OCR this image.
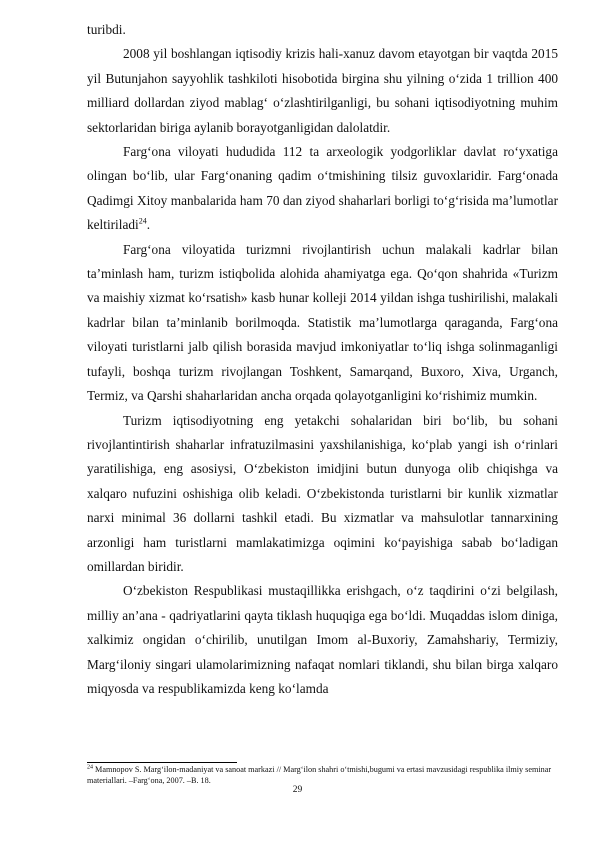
turibdi.

2008 yil boshlangan iqtisodiy krizis hali-xanuz davom etayotgan bir vaqtda 2015 yil Butunjahon sayyohlik tashkiloti hisobotida birgina shu yilning o‘zida 1 trillion 400 milliard dollardan ziyod mablag‘ o‘zlashtirilganligi, bu sohani iqtisodiyotning muhim sektorlaridan biriga aylanib borayotganligidan dalolatdir.

Farg‘ona viloyati hududida 112 ta arxeologik yodgorliklar davlat ro‘yxatiga olingan bo‘lib, ular Farg‘onaning qadim o‘tmishining tilsiz guvoxlaridir. Farg‘onada Qadimgi Xitoy manbalarida ham 70 dan ziyod shaharlari borligi to‘g‘risida ma’lumotlar keltiriladi$^{24}$.

Farg‘ona viloyatida turizmni rivojlantirish uchun malakali kadrlar bilan ta’minlash ham, turizm istiqbolida alohida ahamiyatga ega. Qo‘qon shahrida «Turizm va maishiy xizmat ko‘rsatish» kasb hunar kolleji 2014 yildan ishga tushirilishi, malakali kadrlar bilan ta’minlanib borilmoqda. Statistik ma’lumotlarga qaraganda, Farg‘ona viloyati turistlarni jalb qilish borasida mavjud imkoniyatlar to‘liq ishga solinmaganligi tufayli, boshqa turizm rivojlangan Toshkent, Samarqand, Buxoro, Xiva, Urganch, Termiz, va Qarshi shaharlaridan ancha orqada qolayotganligini ko‘rishimiz mumkin.

Turizm iqtisodiyotning eng yetakchi sohalaridan biri bo‘lib, bu sohani rivojlantintirish shaharlar infratuzilmasini yaxshilanishiga, ko‘plab yangi ish o‘rinlari yaratilishiga, eng asosiysi, O‘zbekiston imidjini butun dunyoga olib chiqishga va xalqaro nufuzini oshishiga olib keladi. O‘zbekistonda turistlarni bir kunlik xizmatlar narxi minimal 36 dollarni tashkil etadi. Bu xizmatlar va mahsulotlar tannarxining arzonligi ham turistlarni mamlakatimizga oqimini ko‘payishiga sabab bo‘ladigan omillardan biridir.

O‘zbekiston Respublikasi mustaqillikka erishgach, o‘z taqdirini o‘zi belgilash, milliy an’ana - qadriyatlarini qayta tiklash huquqiga ega bo‘ldi. Muqaddas islom diniga, xalkimiz ongidan o‘chirilib, unutilgan Imom al-Buxoriy, Zamahshariy, Termiziy, Marg‘iloniy singari ulamolarimizning nafaqat nomlari tiklandi, shu bilan birga xalqaro miqyosda va respublikamizda keng ko‘lamda

$^{24}$ Mamnopov S. Marg‘ilon-madaniyat va sanoat markazi // Marg‘ilon shahri o‘tmishi,bugumi va ertasi mavzusidagi respublika ilmiy seminar materiallari. –Farg‘ona, 2007. –B. 18.
29
